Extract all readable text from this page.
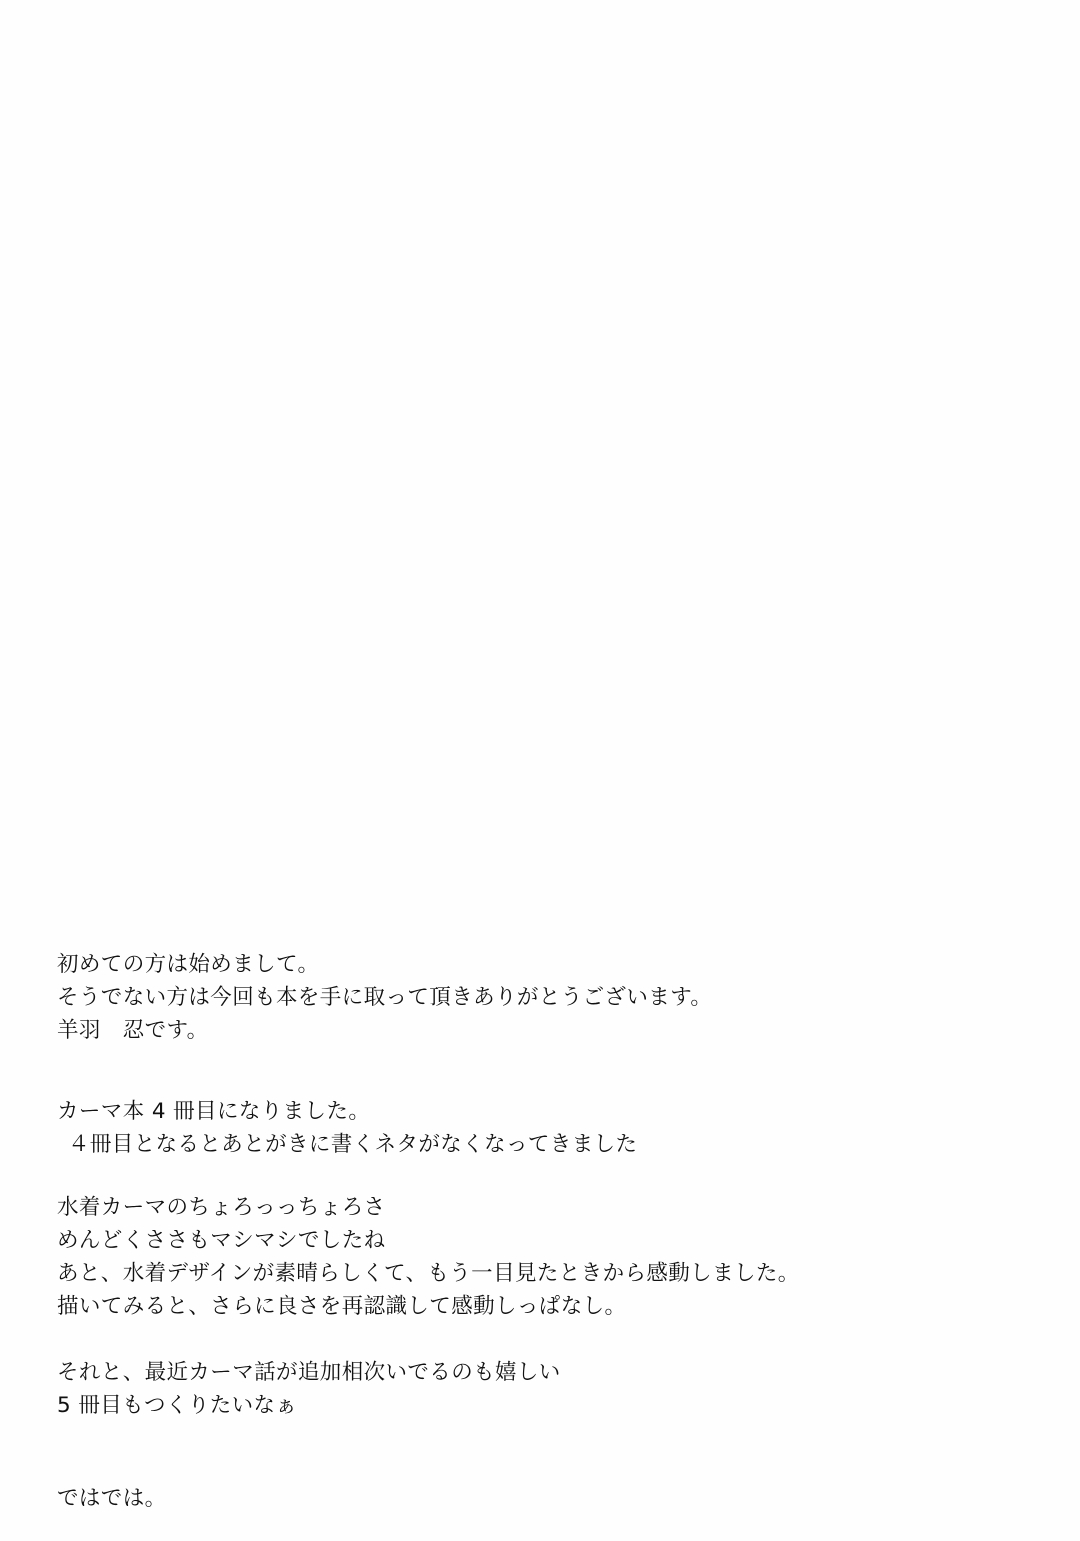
初めての方は始めまして。
そうでない方は今回も本を手に取って頂きありがとうございます。
羊羽　忍です。
カーマ本 4 冊目になりました。
４冊目となるとあとがきに書くネタがなくなってきました
水着カーマのちょろっっちょろさ
めんどくささもマシマシでしたね
あと、水着デザインが素晴らしくて、もう一目見たときから感動しました。
描いてみると、さらに良さを再認識して感動しっぱなし。
それと、最近カーマ話が追加相次いでるのも嬉しい
5 冊目もつくりたいなぁ
ではでは。
